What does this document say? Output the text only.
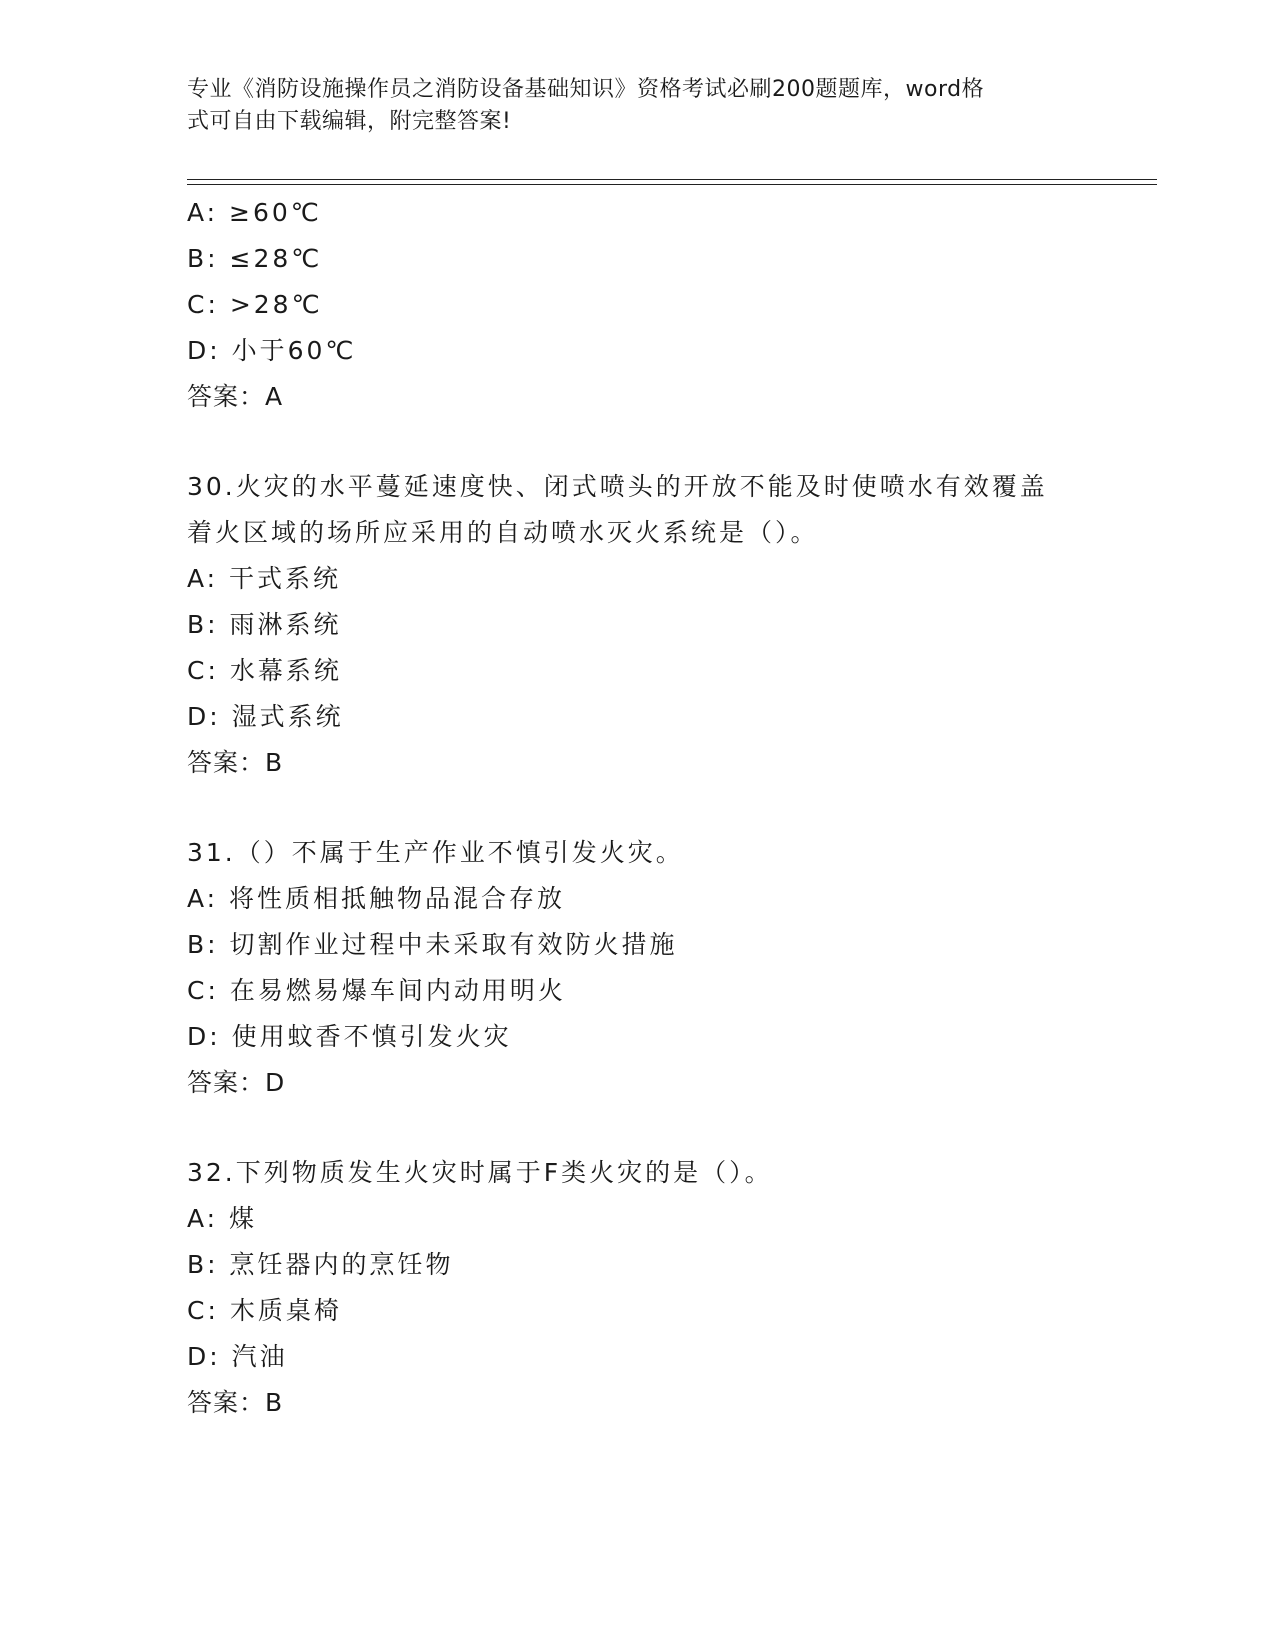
专业《消防设施操作员之消防设备基础知识》资格考试必刷200题题库，word格
式可自由下载编辑，附完整答案!
A: ≥60℃
B: ≤28℃
C: >28℃
D: 小于60℃
答案：A
30.火灾的水平蔓延速度快、闭式喷头的开放不能及时使喷水有效覆盖
着火区域的场所应采用的自动喷水灭火系统是（）。
A: 干式系统
B: 雨淋系统
C: 水幕系统
D: 湿式系统
答案：B
31.（）不属于生产作业不慎引发火灾。
A: 将性质相抵触物品混合存放
B: 切割作业过程中未采取有效防火措施
C: 在易燃易爆车间内动用明火
D: 使用蚊香不慎引发火灾
答案：D
32.下列物质发生火灾时属于F类火灾的是（）。
A: 煤
B: 烹饪器内的烹饪物
C: 木质桌椅
D: 汽油
答案：B
